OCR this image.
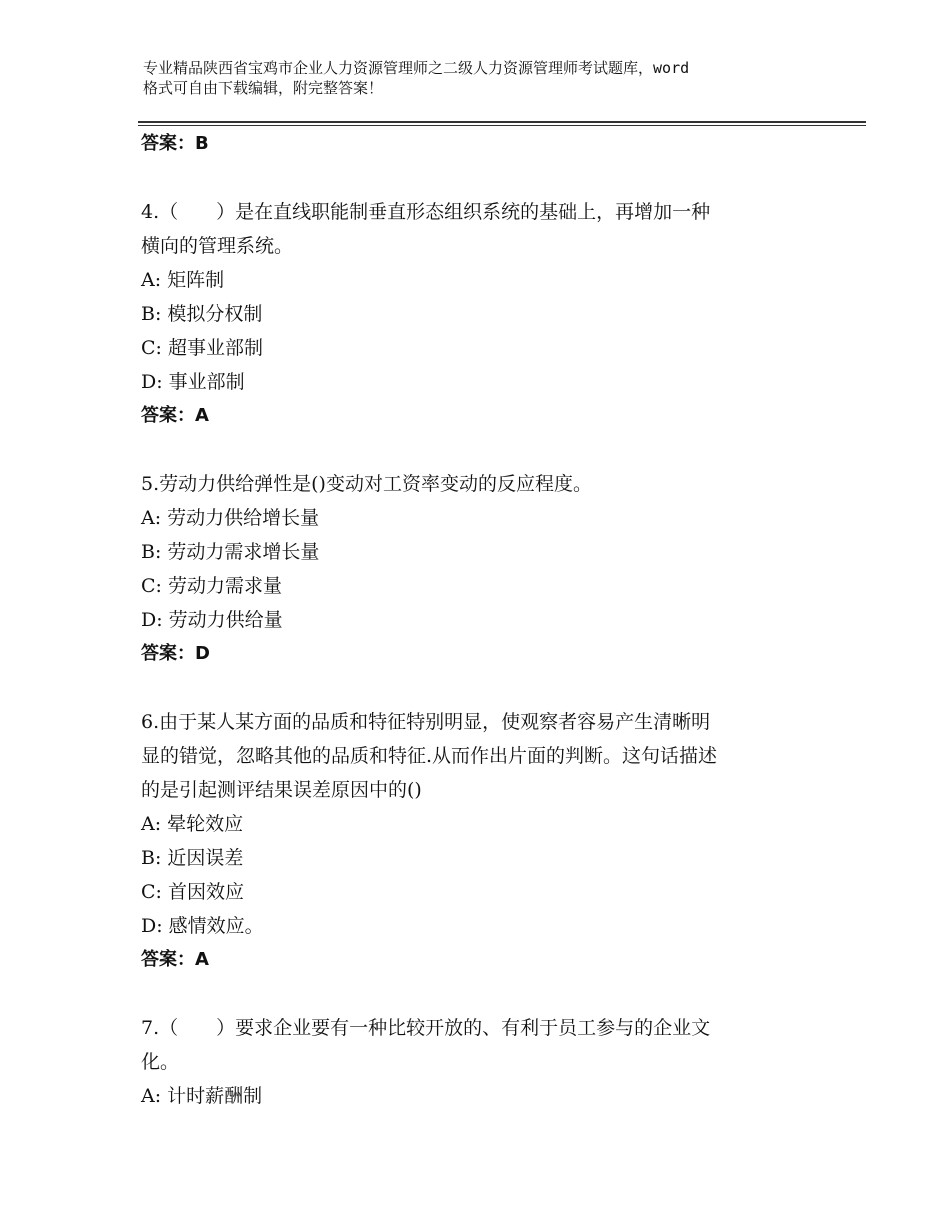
专业精品陕西省宝鸡市企业人力资源管理师之二级人力资源管理师考试题库，word
格式可自由下载编辑，附完整答案！
答案：B
4.（　　）是在直线职能制垂直形态组织系统的基础上，再增加一种
横向的管理系统。
A: 矩阵制
B: 模拟分权制
C: 超事业部制
D: 事业部制
答案：A
5.劳动力供给弹性是()变动对工资率变动的反应程度。
A: 劳动力供给增长量
B: 劳动力需求增长量
C: 劳动力需求量
D: 劳动力供给量
答案：D
6.由于某人某方面的品质和特征特别明显，使观察者容易产生清晰明
显的错觉，忽略其他的品质和特征.从而作出片面的判断。这句话描述
的是引起测评结果误差原因中的()
A: 晕轮效应
B: 近因误差
C: 首因效应
D: 感情效应。
答案：A
7.（　　）要求企业要有一种比较开放的、有利于员工参与的企业文
化。
A: 计时薪酬制
